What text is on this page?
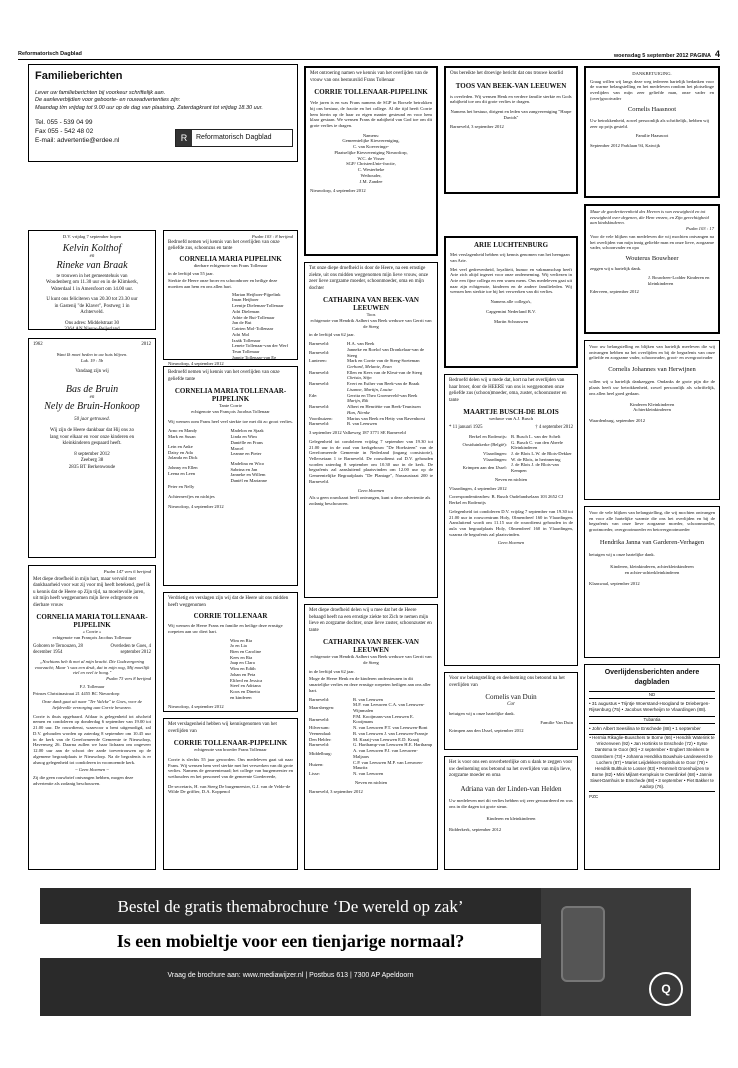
Reformatorisch Dagblad	woensdag 5 september 2012 PAGINA 4
Familieberichten
Lever uw familieberichten bij voorkeur schriftelijk aan.
De aanleverbijdien voor geboorte- en rouwadvertenties zijn:
Maandag t/m vrijdag tot 9.00 uur op de dag van plaatsing. Zaterdagkrant tot vrijdag 18.30 uur.
Tel. 055 - 539 04 99
Fax 055 - 542 48 02
E-mail: advertentie@erdee.nl	R	Reformatorisch Dagblad
D.V. vrijdag 7 september hopen
Kelvin Kolthof
en
Rineke van Braak
te trouwen in het gemeentehuis van
Woudenberg om 11.30 uur en in de Klimkerk,
Waterdaal 1 in Amersfoort om 14.00 uur.
U kunt ons feliciteren van 20.30 tot 23.30 uur
in Gastenij "de Klaver", Postweg 1 in
Achterveld.
Ons adres: Middelstraat 30
3364 AN Nieuw-Beijerland
1962	2012
Want Ik moet heden in uw huis blijven.
Luk. 19 : 5b
Vandaag zijn wij
Bas de Bruin
en
Nely de Bruin-Honkoop
50 jaar getrouwd.
Wij zijn de Heere dankbaar dat Hij ons zo
lang voor elkaar en voor onze kinderen en
kleinkinderen gespaard heeft.
8 september 2012
Zeeberg 38
2835 BT Berkenwoude
Psalm 147 vers 6 berijmd
Met diepe droefheid in mijn hart, maar vervuld met dankbaarheid voor wat zij voor mij heeft betekend, geef ik u kennis dat de Heere op Zijn tijd, na moeitevolle jaren, uit mijn heeft weggenomen mijn lieve echtgenote en dierbare vrouw
CORNELIA MARIA TOLLENAAR-PIJPELINK
« Corrie »
echtgenote van François Jacobus Tollenaar
Goboren te Ternouzen, 28 december 1954
Overleden te Goes, 4 september 2012
„Nochtans heb ik met al mijn kracht. Die Godsvergering voorzacht; Maar 't was een druk, dat in mijn oog, Mij moeilijk viel en veel te hoog."
Psalm 73 vers 8 berijmd
F.J. Tollenaar
Prinses Christinastraat 21 4455 BC Nieuwdorp
Onze dank gaat uit naar "Ter Valcke" te Goes, voor de liefdevolle verzorging aan Corrie bewezen.
Corrie is thuis opgebaard. Afdaar is gelegenheid tot afscheid nemen en condoleren op donderdag 6 september van 19.00 tot 21.00 uur. De rouwdienst, waarvoor u bent uitgenodigd, zal D.V. gehouden worden op zaterdag 8 september om 10.45 uur in de kerk van de Gereformeerde Gemeente te Nieuwdorp, Havenweg 26. Daarna zullen we haar lichaam om ongeveer 12.00 uur aan de schoot der aarde toevertrouwen op de algemene begraafplaats te Nieuwdorp. Na de begrafenis is er alsnog gelegenheid tot condoleren in voornoemde kerk.
~ Geen bloemen ~
Zij die geen rouwbrief ontvangen hebben, mogen deze advertentie als zodanig beschouwen.
Psalm 103 : 8 berijmd
Bedroefd nemen wij kennis van het overlijden van onze geliefde zus, schoonzus en tante
CORNELIA MARIA PIJPELINK
dierbare echtgenote van Frans Tollenaar
in de leeftijd van 55 jaar.
Sterkte de Heere onze broer en schoonbroer en heilige deze moeiten aan hem en ons allen hart.
Martan Heijboer-Pijpelink
Iman Heijboer
Leentje Dieleman-Tollenaar
Adri Dieleman
Adrie de But-Tollenaar
Jan de But
Catrien Mol-Tollenaar
Adri Mol
Izaäk Tollenaar
Lenete Tollenaar-van der Werf
Teun Tollenaar
Jannie Tollenaar-van Ee
Nieuwdorp, 4 september 2012
Bedroefd nemen wij kennis van het overlijden van onze geliefde tante
CORNELIA MARIA TOLLENAAR-PIJPELINK
Tante Corrie
echtgenote van François Jacobus Tollenaar
Wij wensen oom Frans heel veel sterkte toe met dit zo groot verlies.
Arno en Mandy
Mark en Susan
Lein en Anke
Daisy en Ada
Jolanda en Dick
Johnny en Ellen
Leena en Leen
Peter en Nelly
Madelon en Sjaak
Linda en Wim
Daniëlle en Frans
Marcel
Leanne en Pieter
Madelina en Wico
Sabrina en Jan
Janneke en Willem
Daniël en Marianne
Achternevfjes en nichtjes
Nieuwdorp, 4 september 2012
Verdrietig en verslagen zijn wij dat de Heere uit ons midden heeft weggenomen
CORRIE TOLLENAAR
Wij wensen de Heere Frans en familie en heilige deze ernstige roepeten aan uw diert hart.
Wim en Ria
Jo en Lia
Bien en Caroline
Kees en Ria
Jaap en Clara
Wim en Edith
Johan en Peta
Elifred en Jessica
Steef en Adriana
Koos en Dinetta
en kinderen
Nieuwdorp, 4 september 2012
Met verslagenheid hebben wij kennisgenomen van het overlijden van
CORRIE TOLLENAAR-PIJPELINK
echtgenote van broeder Frans Tollenaar
Corrie is slechts 55 jaar geworden. Ons medeleven gaat uit naar Frans. Wij wensen hem veel sterkte met het verwerken van dit grote verlies. Namens de gemeenteraad; het college van burgemeester en wethouders en het personeel van de gemeente Goedereede,
De secretaris, H. van Steeg De burgemeester, G.J. van de Velde-de Wilde De griffier, D.A. Koppenol
Met ontroering namen we kennis van het overlijden van de vrouw van ons bestuurslid Frans Tollenaar
CORRIE TOLLENAAR-PIJPELINK
Vele jaren is en was Frans namens de SGP in Borsele betrokken bij ons bestuur, de fractie en het college. Al die tijd heeft Corrie hem hierin op de haar zo eigen manier gesteund en voor hem klaar gestaan. We wensen Frans de nabijheid van God toe om dit grote verlies te dragen.
Namens:
Gemeentelijke Kiesvereniging,
C. van Koeveringe-
Plaatselijke Kiesvereniging Nieuwdorp,
W.C. de Visser
SGP/ ChristenUnie-fractie,
C. Westerbeke
Wethouder,
J.M. Zandee
Nieuwdorp, 4 september 2012
Tot onze diepe droefheid is door de Heere, na een ernstige ziekte, uit ons midden weggenomen mijn lieve vrouw, onze zeer lieve zorgzame moeder, schoonmoeder, oma en mijn dochter
CATHARINA VAN BEEK-VAN LEEUWEN
Toos
echtgenote van Hendrik Aalbert van Beek weduwe van Gerrit van de Steeg
in de leeftijd van 62 jaar.
Barneveld:	H.A. van Beek
Barneveld:	Janneke en Roelof van Dronkelaar-van de Steeg
Lunteren:	Mark en Corrie van de Steeg-Soeteman
	Gerhard, Melanie, Evan
Barneveld:	Ellen en Kees van de Kleut-van de Steeg
	Christa, Stijn
Barneveld:	Evert en Esther van Beek-van de Braak
	Lisanne, Martijn, Louise
Ede:	Gerrita en Theo Groeneveld-van Beek
	Marijn, Rik
Barneveld:	Albert en Henriëtte van Beek-Teunissen
	Han, Nienke
Voorthuizen:	Marius van Beek en Hetty van Ravenhorst
Barneveld:	B. van Leeuwen
3 september 2012 Valkeweg 187 3771 SE Barneveld
Gelegenheid tot condoleren vrijdag 7 september van 19.30 tot 21.00 uur in de zaal van kerkgebouw "De Hoeksteen" van de Gereformeerde Gemeente in Nederland (ingang consistorie), Vellerseiaan 1 te Barneveld. De rouwdienst zal D.V. gehouden worden zaterdag 8 september om 10.30 uur in de kerk. De begrafenis zal aansluitend plaatsvinden om 12.00 uur op de Gemeentelijke Begraafplaats "De Plantage", Nassaustraat 200 te Barneveld.
Geen bloemen
Als u geen rouwkaart heeft ontvangen, kunt u deze advertentie als zodanig beschouwen.
Met diepe droefheid delen wij u mee dat het de Heere behaagd heeft na een ernstige ziekte tot Zich te nemen mijn lieve en zorgzame dochter, onze lieve zuster, schoonzuster en tante
CATHARINA VAN BEEK-VAN LEEUWEN
echtgenote van Hendrik Aalbert van Beek weduwe van Gerrit van de Steeg
in de leeftijd van 62 jaar.
Moge de Heere Henk en de kinderen ondersteunen in dit smartelijke verlies en deze ernstige roepeten heiligen aan ons aller hart.
Barneveld:	B. van Leeuwen
Maarsbergen:	M.F. van Leeuwen C.A. van Leeuwen-Wijnmalen
Barneveld:	P.M. Kooijmans-van Leeuwen E. Kooijmans
Hilversum:	N. van Leeuwen P.T. van Leeuwen-Bont
Veenendaal:	B. van Leeuwen J. van Leeuwen-Fransje
Den Helder:	M. Kraaij-van Leeuwen E.D. Kraaij
Barneveld:	G. Harthamp-van Leeuwen H.E. Harthamp
Middelburg:	A. van Leeuwen P.J. van Leeuwen-Maljaars
Huizen:	C.P. van Leeuwen M.P. van Leeuwen-Mauritz
Lisse:	N. van Leeuwen
Neven en nichten
Barneveld, 3 september 2012
Ons bereikte het droevige bericht dat ons trouwe koorlid
TOOS VAN BEEK-VAN LEEUWEN
is overleden. Wij wensen Henk en verdere familie sterkte en Gods nabijheid toe om dit grote verlies te dragen.
Namens het bestuur, dirigent en leden van zangvereniging "Harpe Davids"
Barneveld, 3 september 2012
ARIE LUCHTENBURG
Met verslagenheid hebben wij kennis genomen van het heengaan van Arie.
Met veel gedrevenheid, loyaliteit, humor en vakmanschap heeft Arie zich altijd ingezet voor onze onderneming. Wij verliezen in Arie een fijne collega en een warm mens. Ons medeleven gaat uit naar zijn echtgenote, kinderen en de andere familieleden. Wij wensen hen sterkte toe bij het verwerken van dit verlies.
Namens alle collega's,
Capgemini Nederland B.V.
Martin Schrauwen
Bedroefd delen wij u mede dat, kort na het overlijden van haar broer, door de HEERE van ons is weggenomen onze geliefde zus (schoon)moeder, oma, zuster, schoonzuster en tante
MAARTJE BUSCH-DE BLOIS
weduwe van A.J. Busch
* 11 januari 1925	† 4 september 2012
Berkel en Rodenrijs:	B. Busch L. van der Schelt
Oostduinkerke (België):	G. Busch C. van den Abeele Kleinkinderen
Vlaardingen:	J. de Blois L.W. de Blois-Dekker
Vlaardingen:	W. de Blois, in herinnering
Krimpen aan den IJssel:	J. de Blois J. de Blois-van Kempen
Neven en nichten
Vlaardingen, 4 september 2012
Correspondentieadres: B. Busch Oudelandselaan 103 2652 CJ Berkel en Rodenrijs
Gelegenheid tot condoleren D.V. vrijdag 7 september van 19.30 tot 21.00 uur in rouwcentrum Holy, Olmendreef 160 in Vlaardingen. Aansluitend wordt om 11.15 uur de rouwdienst gehouden in de aula van begraafplaats Holy, Olmendreef 160 in Vlaardingen, waarna de begrafenis zal plaatsvinden.
Geen bloemen
Voor uw belangstelling en deelneming ons betoond na het overlijden van
Cornelis van Duin
Cor
betuigen wij u onze hartelijke dank.
Familie Van Duin
Krimpen aan den IJssel, september 2012
Het is voor ons een onverbeterlijke om u dank te zeggen voor uw deelneming ons betoond na het overlijden van mijn lieve, zorgzame moeder en oma
Adriana van der Linden-van Helden
Uw medeleven met dit verlies hebben wij zeer gewaardeerd en was ons in die dagen tot grote steun.
Kinderen en kleinkinderen
Ridderkerk, september 2012
DANKBETUIGING.
Graag willen wij langs deze weg iedereen hartelijk bedanken voor de warme belangstelling en het medeleven rondom het plotselinge overlijden van mijn zeer geliefde man, onze vader en (over)grootvader
Cornelis Haasnoot
Uw betrokkenheid, zowel persoonlijk als schriftelijk, hebben wij zeer op prijs gesteld.
Familie Haasnoot
September 2012 Parklaan 94, Katwijk
Maar de goedertierenheid des Heeren is van eeuwigheid en tot eeuwigheid over degenen, die Hem vrezen, en Zijn gerechtigheid aan kindskinderen.
Psalm 103 : 17
Voor de vele blijken van medeleven die wij mochten ontvangen na het overlijden van mijn innig geliefde man en onze lieve, zorgzame vader, schoonvader en opa
Wouterus Bouwheer
zeggen wij u hartelijk dank.
J. Bouwheer-Lodder Kinderen en kleinkinderen
Ederveen, september 2012
Voor uw belangstelling en blijken van hartelijk meeleven die wij ontvangen hebben na het overlijden en bij de begrafenis van onze geliefde en zorgzame vader, schoonvader, groot- en overgrootvader
Cornelis Johannes van Herwijnen
willen wij u hartelijk dankzeggen. Ondanks de grote pijn die de plaats heeft uw betrokkenheid, zowel persoonlijk als schriftelijk, ons allen heel goed gedaan.
Kinderen Kleinkinderen Achterkleinkinderen
Waardenburg, september 2012
Voor de vele blijken van belangstelling, die wij mochten ontvangen en voor alle hartelijke warmte die ons het overlijden en bij de begrafenis van onze lieve zorgzame moeder, schoonmoeder, grootmoeder, overgrootmoeder en betovergrootmoeder
Hendrika Janna van Garderen-Verhagen
betuigen wij u onze hartelijke dank.
Kinderen, kleinkinderen, achterkleinkinderen en achter-achterkleinkinderen
Klaaswaal, september 2012
Overlijdensberichten andere dagbladen
ND
• 31 augustus • Trijntje Woerstand-Hoogland te Driebergen-Rijsenburg (75) • Jacobus Weerheijm te Vlaardingen (88).
Tubantia
• John Albert Seesilina te Enschede (88) • 1 september
• Hermia Rikaglie-Buuschers te Borne (66) • Hendrik Waterink te Vriezenveen (92) • Jan Hortinks te Enschede (72) • Sytse Dantsma te Goor (80) • 2 september • Engbert Steinkers te Gramsbern (73) • Johanna Hendrika Bouwhuis-Landeweerd te Lochem (87) • Mariet Leijdekkers-Spitshuis te Goor (78) • Hendrik Bulthuis te Losser (83) • Remmelt Groenhuijzen te Borne (82) • Mini Mijlant-Kempkuis te Overdinkel (68) • Jannie Siwet-Damhuis te Enschede (88) • 3 september • Piet Bakker te Aadorp (76).
PZC
Bestel de gratis themabrochure ‘De wereld op zak’
Is een mobieltje voor een tienjarige normaal?
Vraag de brochure aan: www.mediawijzer.nl | Postbus 613 | 7300 AP Apeldoorn
Q
